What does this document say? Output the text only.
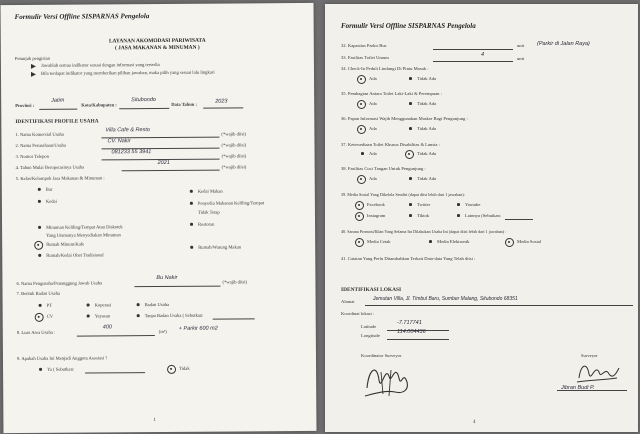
Formulir Versi Offline SISPARNAS Pengelola
LAYANAN AKOMODASI PARIWISATA
( JASA MAKANAN & MINUMAN )
Petunjuk pengisian
Jawablah semua indikator sesuai dengan informasi yang tersedia
Bila terdapat indikator yang memberikan pilihan jawaban, maka pilih yang sesuai lalu lingkari
Provinsi :
Jatim
Kota/Kabupaten :
Situbondo
Data Tahun :	2023
IDENTIFIKASI PROFILE USAHA
1. Nama Komersial Usaha
Villa Cafe & Resto
(*wajib diisi)
2. Nama Perusahaan/Usaha
CV. Nakir
(*wajib diisi)
3. Nomor Telepon
081233 55 3941
(*wajib diisi)
4. Tahun Mulai Beroperasinya Usaha
2021
(*wajib diisi)
5. Kelas/Kelompok Jasa Makanan & Minuman :
Bar
Kedai
Kedai Makan
Penyedia Makanan Keliling/Tempat
Tidak Tetap
Restoran
Minuman Keliling/Tempat Atau Diskotek
Yang Utamanya Menyediakan Minuman
Rumah Minum/Kafe
Rumah/Kedai Obat Tradisional
Rumah/Warung Makan
6. Nama Pengusaha/Penanggung Jawab Usaha
Bu Nakir
(*wajib diisi)
7. Bentuk Badan Usaha
PT	Koperasi	Badan Usaha
CV	Yayasan	Tanpa Badan Usaha ( Sebutkan:
8. Luas Area Usaha :
400
(m²) + Parkir 600 m2
9. Apakah Usaha Ini Menjadi Anggota Asosiasi ?
Ya ( Sebutkan:	Tidak
1
Formulir Versi Offline SISPARNAS Pengelola
32. Kapasitas Parkir Bus	unit (Parkir di Jalan Raya)
33. Fasilitas Toilet Umum	4
unit
34. Check-In Peduli Lindungi Di Pintu Masuk :
Ada	Tidak Ada
35. Pembagian Antara Toilet Laki-Laki & Perempuan :
Ada	Tidak Ada
36. Papan Informasi Wajib Menggunakan Masker Bagi Pengunjung :
Ada	Tidak Ada
37. Ketersediaan Toilet Khusus Disabilitas & Lansia :
Ada	Tidak Ada
38. Fasilitas Cuci Tangan Untuk Pengunjung :
Ada	Tidak Ada
39. Media Sosial Yang Dikelola Sendiri (dapat diisi lebih dari 1 jawaban):
Facebook	Twitter	Youtube
Instagram	Tiktok	Lainnya (Sebutkan:
40. Sarana Promosi/Iklan Yang Selama Ini Dilakukan Usaha Ini (dapat diisi lebih dari 1 jawaban) :
Media Cetak	Media Elektronik	Media Sosial
41. Catatan Yang Perlu Ditambahkan Terkait Data-data Yang Telah diisi :
IDENTIFIKASI LOKASI
Alamat	Jemutan Villa, Jl. Timbul Baru, Sumber Malang, Situbondo 68351
Koordinat lokasi :
Latitude
-7.717741
Longitude
114.004436
Koordinator Surveyor	Surveyor
Jibran Budi P.
4
